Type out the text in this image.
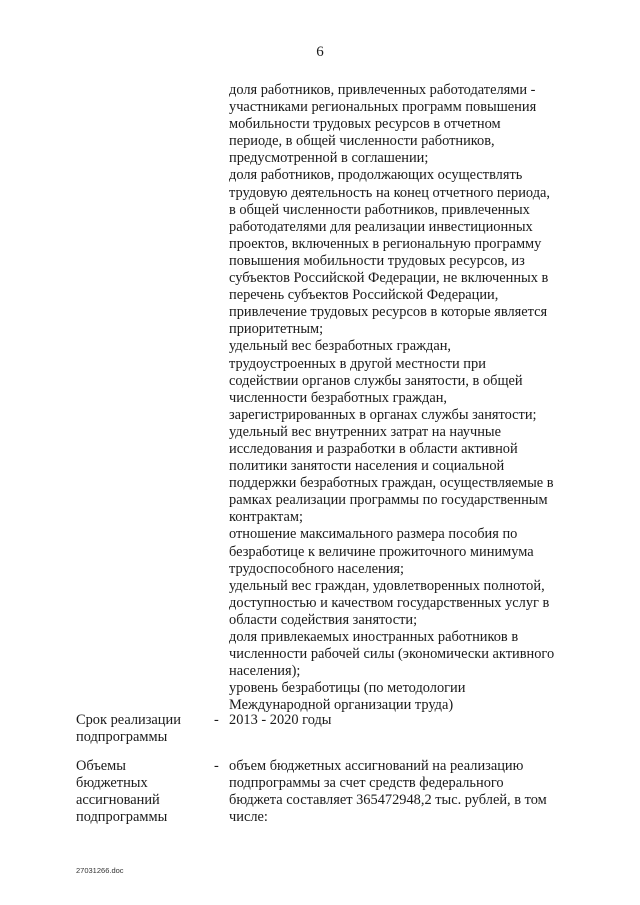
6
доля работников, привлеченных работодателями -
участниками региональных программ повышения
мобильности трудовых ресурсов в отчетном
периоде, в общей численности работников,
предусмотренной в соглашении;
доля работников, продолжающих осуществлять
трудовую деятельность на конец отчетного периода,
в общей численности работников, привлеченных
работодателями для реализации инвестиционных
проектов, включенных в региональную программу
повышения мобильности трудовых ресурсов, из
субъектов Российской Федерации, не включенных в
перечень субъектов Российской Федерации,
привлечение трудовых ресурсов в которые является
приоритетным;
удельный вес безработных граждан,
трудоустроенных в другой местности при
содействии органов службы занятости, в общей
численности безработных граждан,
зарегистрированных в органах службы занятости;
удельный вес внутренних затрат на научные
исследования и разработки в области активной
политики занятости населения и социальной
поддержки безработных граждан, осуществляемые в
рамках реализации программы по государственным
контрактам;
отношение максимального размера пособия по
безработице к величине прожиточного минимума
трудоспособного населения;
удельный вес граждан, удовлетворенных полнотой,
доступностью и качеством государственных услуг в
области содействия занятости;
доля привлекаемых иностранных работников в
численности рабочей силы (экономически активного
населения);
уровень безработицы (по методологии
Международной организации труда)
Срок реализации
подпрограммы
- 2013 - 2020 годы
Объемы
бюджетных
ассигнований
подпрограммы
- объем бюджетных ассигнований на реализацию
подпрограммы за счет средств федерального
бюджета составляет 365472948,2 тыс. рублей, в том
числе:
27031266.doc
